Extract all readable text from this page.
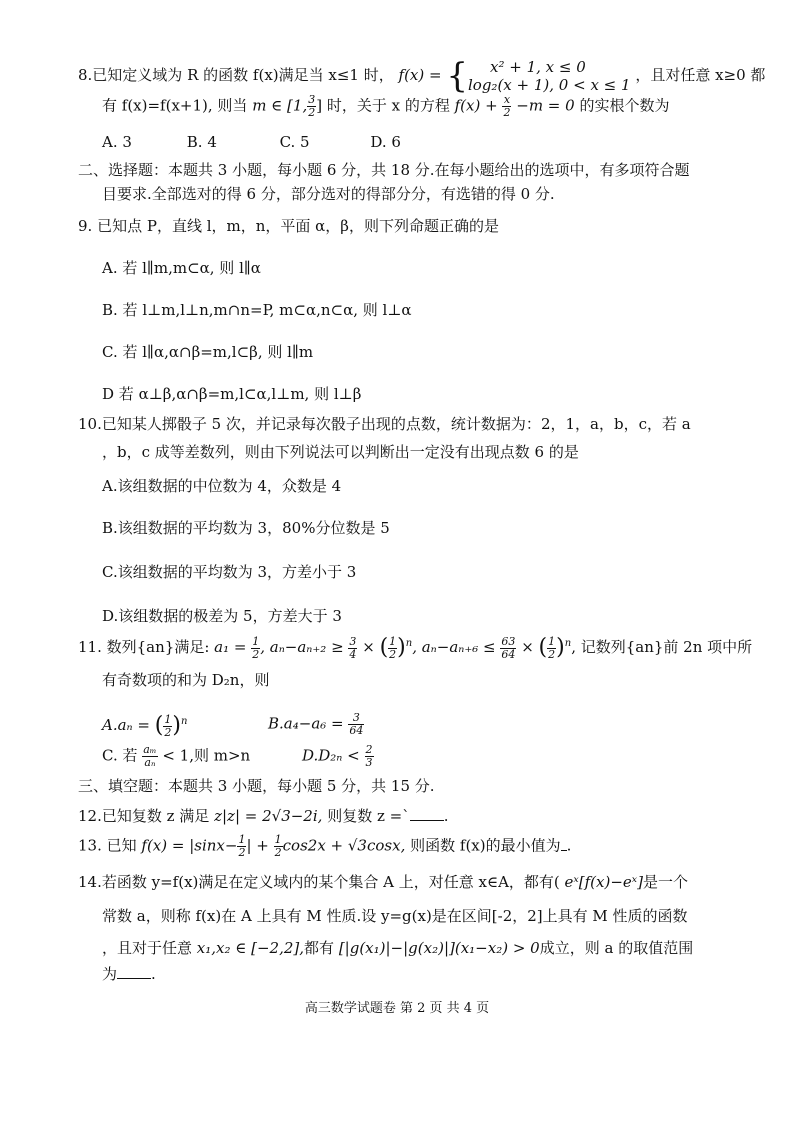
8.已知定义域为 R 的函数 f(x)满足当 x≤1 时， f(x) = {	x² + 1, x ≤ 0
log₂(x + 1), 0 < x ≤ 1
，且对任意 x≥0 都
有 f(x)=f(x+1), 则当 m ∈ [1, $\frac{3}{2}$ ] 时，关于 x 的方程 $f(x) + \frac{x}{2} -m = 0$ 的实根个数为
A. 3	B. 4	C. 5	D. 6
二、选择题：本题共 3 小题，每小题 6 分，共 18 分.在每小题给出的选项中，有多项符合题
目要求.全部选对的得 6 分，部分选对的得部分分，有选错的得 0 分.
9. 已知点 P，直线 l，m，n，平面 α，β，则下列命题正确的是
A. 若 l∥m,m⊂α, 则 l∥α
B. 若 l⊥m,l⊥n,m∩n=P, m⊂α,n⊂α, 则 l⊥α
C. 若 l∥α,α∩β=m,l⊂β, 则 l∥m
D 若 α⊥β,α∩β=m,l⊂α,l⊥m, 则 l⊥β
10.已知某人掷骰子 5 次，并记录每次骰子出现的点数，统计数据为：2，1，a，b，c，若 a
，b，c 成等差数列，则由下列说法可以判断出一定没有出现点数 6 的是
A.该组数据的中位数为 4，众数是 4
B.该组数据的平均数为 3，80%分位数是 5
C.该组数据的平均数为 3，方差小于 3
D.该组数据的极差为 5，方差大于 3
11. 数列{an}满足: $a_1 = \frac{1}{2}$ , $a_n-a_{n+2} \ge \frac{3}{4}$ × ( $\frac{1}{2} )^n$, $a_n-a_{n+6} \le \frac{63}{64}$ × ( $\frac{1}{2} )^n$, 记数列{an}前 2n 项中所
有奇数项的和为 D₂n，则
A.aₙ = ( $\frac{1}{2} )^n$	$B.a_4-a_6 = \frac{3}{64}$
C. 若 $\frac{\text{aₘ}}{\text{aₙ}} < 1$,则 m>n	$D.D_{2n} < \frac{2}{3}$
三、填空题：本题共 3 小题，每小题 5 分，共 15 分.
12.已知复数 z 满足 z|z| = 2√3−2i, 则复数 z =` .
13. 已知 $f(x) = |\sin x- \frac{1}{2}$ | + $\frac{1}{2} \cos 2x + √3\cos x$, 则函数 f(x)的最小值为 .
14.若函数 y=f(x)满足在定义域内的某个集合 A 上，对任意 x∈A，都有( eˣ[f(x)−eˣ]是一个
常数 a，则称 f(x)在 A 上具有 M 性质.设 y=g(x)是在区间[-2，2]上具有 M 性质的函数
，且对于任意 x₁,x₂ ∈ [−2,2],都有 [|g(x₁)|−|g(x₂)|](x₁−x₂) > 0成立，则 a 的取值范围
为 .
高三数学试题卷 第 2 页 共 4 页
